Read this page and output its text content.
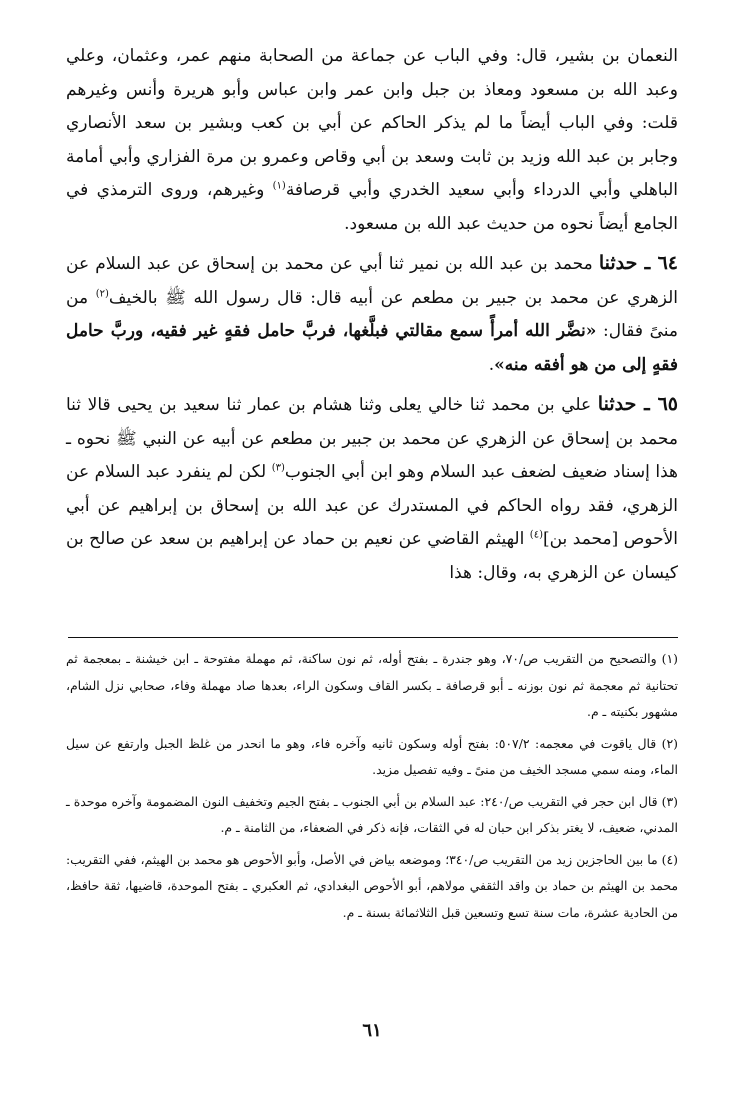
النعمان بن بشير، قال: وفي الباب عن جماعة من الصحابة منهم عمر، وعثمان، وعلي وعبد الله بن مسعود ومعاذ بن جبل وابن عمر وابن عباس وأبو هريرة وأنس وغيرهم قلت: وفي الباب أيضاً ما لم يذكر الحاكم عن أبي بن كعب وبشير بن سعد الأنصاري وجابر بن عبد الله وزيد بن ثابت وسعد بن أبي وقاص وعمرو بن مرة الفزاري وأبي أمامة الباهلي وأبي الدرداء وأبي سعيد الخدري وأبي قرصافة$^{(١)}$ وغيرهم، وروى الترمذي في الجامع أيضاً نحوه من حديث عبد الله بن مسعود.

٦٤ ـ حدثنا محمد بن عبد الله بن نمير ثنا أبي عن محمد بن إسحاق عن عبد السلام عن الزهري عن محمد بن جبير بن مطعم عن أبيه قال: قال رسول الله ﷺ بالخيف$^{(٢)}$ من منىً فقال: «نضَّر الله أمرأً سمع مقالتي فبلَّغها، فربَّ حامل فقهٍ غير فقيه، وربَّ حامل فقهٍ إلى من هو أفقه منه».

٦٥ ـ حدثنا علي بن محمد ثنا خالي يعلى وثنا هشام بن عمار ثنا سعيد بن يحيى قالا ثنا محمد بن إسحاق عن الزهري عن محمد بن جبير بن مطعم عن أبيه عن النبي ﷺ نحوه ـ هذا إسناد ضعيف لضعف عبد السلام وهو ابن أبي الجنوب$^{(٣)}$ لكن لم ينفرد عبد السلام عن الزهري، فقد رواه الحاكم في المستدرك عن عبد الله بن إسحاق بن إبراهيم عن أبي الأحوص [محمد بن]$^{(٤)}$ الهيثم القاضي عن نعيم بن حماد عن إبراهيم بن سعد عن صالح بن كيسان عن الزهري به، وقال: هذا

(١) والتصحيح من التقريب ص/٧٠، وهو جندرة ـ بفتح أوله، ثم نون ساكنة، ثم مهملة مفتوحة ـ ابن خيشنة ـ بمعجمة ثم تحتانية ثم معجمة ثم نون بوزنه ـ أبو قرصافة ـ بكسر القاف وسكون الراء، بعدها صاد مهملة وفاء، صحابي نزل الشام، مشهور بكنيته ـ م.

(٢) قال ياقوت في معجمه: ٥٠٧/٢: بفتح أوله وسكون ثانيه وآخره فاء، وهو ما انحدر من غلظ الجبل وارتفع عن سيل الماء، ومنه سمي مسجد الخيف من منىً ـ وفيه تفصيل مزيد.

(٣) قال ابن حجر في التقريب ص/٢٤٠: عبد السلام بن أبي الجنوب ـ بفتح الجيم وتخفيف النون المضمومة وآخره موحدة ـ المدني، ضعيف، لا يغتر بذكر ابن حبان له في الثقات، فإنه ذكر في الضعفاء، من الثامنة ـ م.

(٤) ما بين الحاجزين زيد من التقريب ص/٣٤٠؛ وموضعه بياض في الأصل، وأبو الأحوص هو محمد بن الهيثم، ففي التقريب: محمد بن الهيثم بن حماد بن واقد الثقفي مولاهم، أبو الأحوص البغدادي، ثم العكبري ـ بفتح الموحدة، قاضيها، ثقة حافظ، من الحادية عشرة، مات سنة تسع وتسعين قبل الثلاثمائة بسنة ـ م.

٦١
